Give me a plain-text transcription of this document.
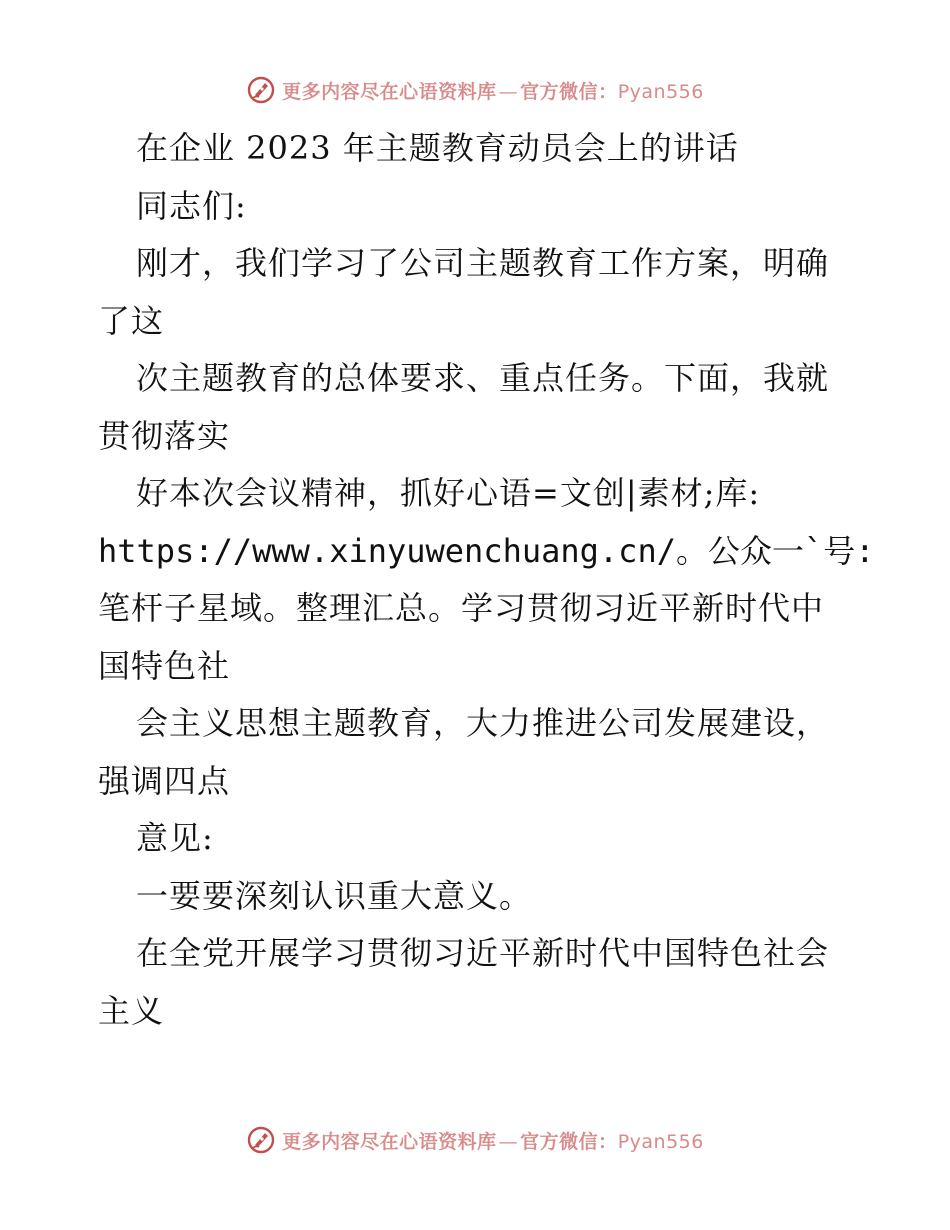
更多内容尽在心语资料库 — 官方微信：Pyan556
在企业 2023 年主题教育动员会上的讲话
同志们:
刚才，我们学习了公司主题教育工作方案，明确
了这
次主题教育的总体要求、重点任务。下面，我就
贯彻落实
好本次会议精神，抓好心语=文创|素材;库:
https://www.xinyuwenchuang.cn/。公众一`号:
笔杆子星域。整理汇总。学习贯彻习近平新时代中
国特色社
会主义思想主题教育，大力推进公司发展建设，
强调四点
意见:
一要要深刻认识重大意义。
在全党开展学习贯彻习近平新时代中国特色社会
主义
更多内容尽在心语资料库 — 官方微信：Pyan556
